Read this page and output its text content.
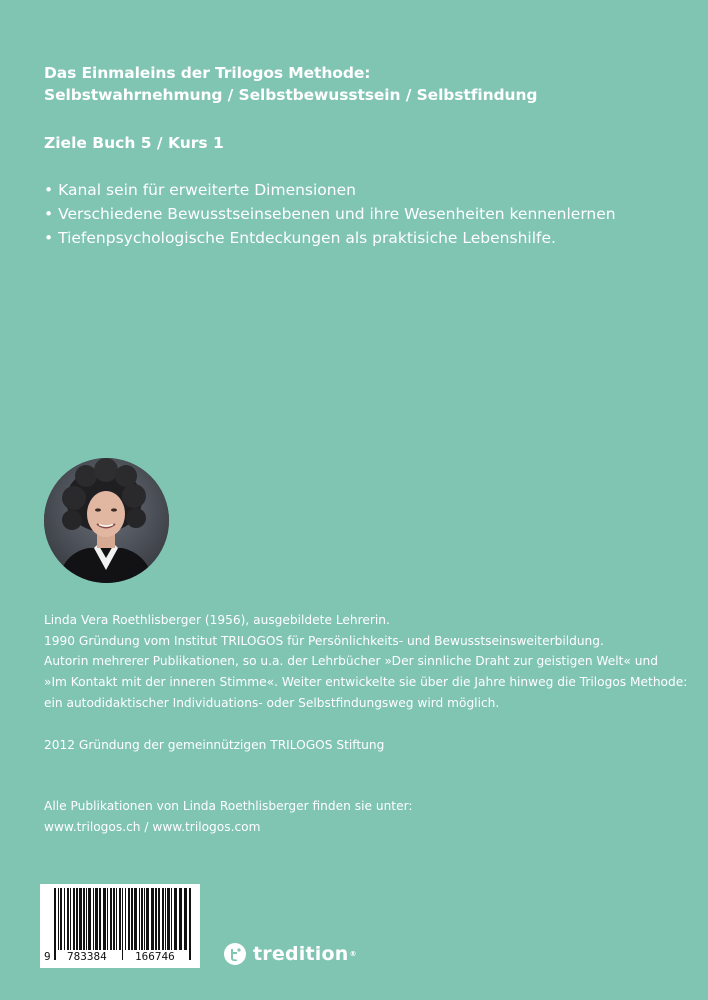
Das Einmaleins der Trilogos Methode:
Selbstwahrnehmung / Selbstbewusstsein / Selbstfindung
Ziele Buch 5 / Kurs 1
• Kanal sein für erweiterte Dimensionen
• Verschiedene Bewusstseinsebenen und ihre Wesenheiten kennenlernen
• Tiefenpsychologische Entdeckungen als praktisiche Lebenshilfe.

Linda Vera Roethlisberger (1956), ausgebildete Lehrerin.

1990 Gründung vom Institut TRILOGOS für Persönlichkeits- und Bewusstseinsweiterbildung.

Autorin mehrerer Publikationen, so u.a. der Lehrbücher »Der sinnliche Draht zur geistigen Welt« und

»Im Kontakt mit der inneren Stimme«. Weiter entwickelte sie über die Jahre hinweg die Trilogos Methode:

ein autodidaktischer Individuations- oder Selbstfindungsweg wird möglich.

2012 Gründung der gemeinnützigen TRILOGOS Stiftung
Alle Publikationen von Linda Roethlisberger finden sie unter:
www.trilogos.ch / www.trilogos.com
9 783384	166746	tredition ®
